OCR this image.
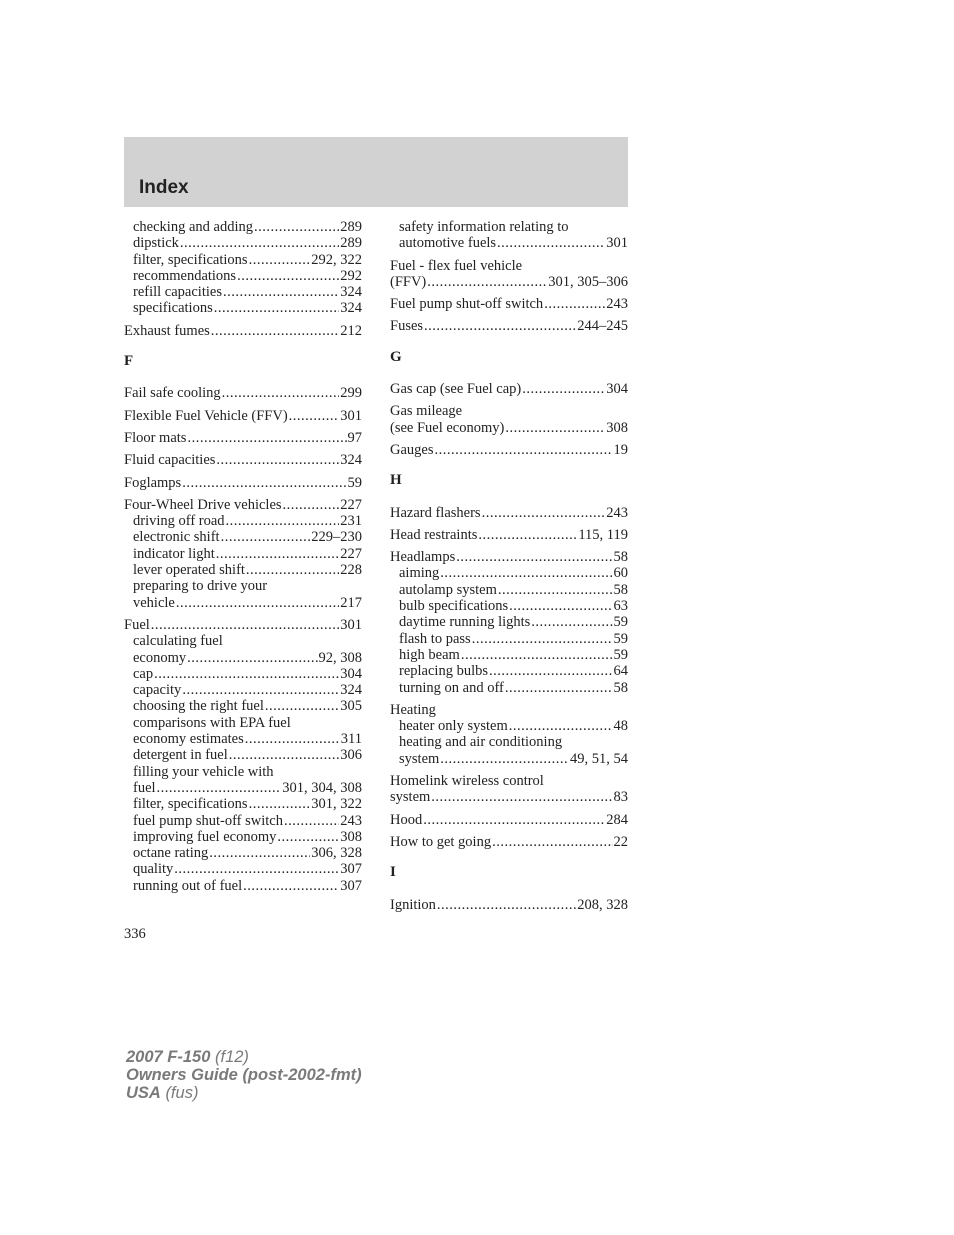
Index
checking and adding .....	289
dipstick .....	289
filter, specifications .....	292, 322
recommendations .....	292
refill capacities .....	324
specifications .....	324
Exhaust fumes .....	212
F
Fail safe cooling .....	299
Flexible Fuel Vehicle (FFV) .....	301
Floor mats .....	97
Fluid capacities .....	324
Foglamps .....	59
Four-Wheel Drive vehicles .....	227
driving off road .....	231
electronic shift .....	229–230
indicator light .....	227
lever operated shift .....	228
preparing to drive your
vehicle .....	217
Fuel .....	301
calculating fuel
economy .....	92, 308
cap .....	304
capacity .....	324
choosing the right fuel .....	305
comparisons with EPA fuel
economy estimates .....	311
detergent in fuel .....	306
filling your vehicle with
fuel .....	301, 304, 308
filter, specifications .....	301, 322
fuel pump shut-off switch .....	243
improving fuel economy .....	308
octane rating .....	306, 328
quality .....	307
running out of fuel .....	307
safety information relating to
automotive fuels .....	301
Fuel - flex fuel vehicle
(FFV) .....	301, 305–306
Fuel pump shut-off switch .....	243
Fuses .....	244–245
G
Gas cap (see Fuel cap) .....	304
Gas mileage
(see Fuel economy) .....	308
Gauges .....	19
H
Hazard flashers .....	243
Head restraints .....	115, 119
Headlamps .....	58
aiming .....	60
autolamp system .....	58
bulb specifications .....	63
daytime running lights .....	59
flash to pass .....	59
high beam .....	59
replacing bulbs .....	64
turning on and off .....	58
Heating
heater only system .....	48
heating and air conditioning
system .....	49, 51, 54
Homelink wireless control
system .....	83
Hood .....	284
How to get going .....	22
I
Ignition .....	208, 328
336
2007 F-150 (f12)
Owners Guide (post-2002-fmt)
USA (fus)
